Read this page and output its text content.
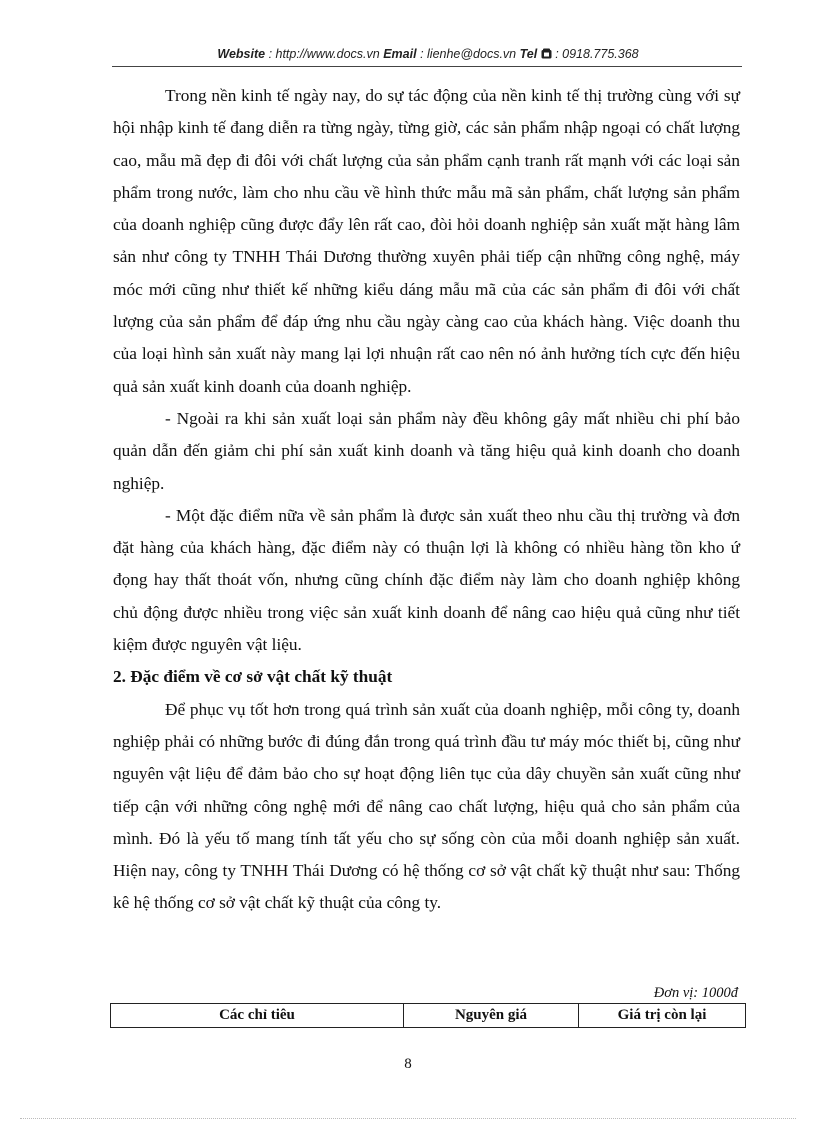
Website : http://www.docs.vn Email : lienhe@docs.vn Tel : 0918.775.368

Trong nền kinh tế ngày nay, do sự tác động của nền kinh tế thị trường cùng với sự hội nhập kinh tế đang diễn ra từng ngày, từng giờ, các sản phẩm nhập ngoại có chất lượng cao, mẫu mã đẹp đi đôi với chất lượng của sản phẩm cạnh tranh rất mạnh với các loại sản phẩm trong nước, làm cho nhu cầu về hình thức mẫu mã sản phẩm, chất lượng sản phẩm của doanh nghiệp cũng được đẩy lên rất cao, đòi hỏi doanh nghiệp sản xuất mặt hàng lâm sản như công ty TNHH Thái Dương thường xuyên phải tiếp cận những công nghệ, máy móc mới cũng như thiết kế những kiểu dáng mẫu mã của các sản phẩm đi đôi với chất lượng của sản phẩm để đáp ứng nhu cầu ngày càng cao của khách hàng. Việc doanh thu của loại hình sản xuất này mang lại lợi nhuận rất cao nên nó ảnh hưởng tích cực đến hiệu quả sản xuất kinh doanh của doanh nghiệp.

- Ngoài ra khi sản xuất loại sản phẩm này đều không gây mất nhiều chi phí bảo quản dẫn đến giảm chi phí sản xuất kinh doanh và tăng hiệu quả kinh doanh cho doanh nghiệp.

- Một đặc điểm nữa về sản phẩm là được sản xuất theo nhu cầu thị trường và đơn đặt hàng của khách hàng, đặc điểm này có thuận lợi là không có nhiều hàng tồn kho ứ đọng hay thất thoát vốn, nhưng cũng chính đặc điểm này làm cho doanh nghiệp không chủ động được nhiều trong việc sản xuất kinh doanh để nâng cao hiệu quả cũng như tiết kiệm được nguyên vật liệu.

2. Đặc điểm về cơ sở vật chất kỹ thuật

Để phục vụ tốt hơn trong quá trình sản xuất của doanh nghiệp, mỗi công ty, doanh nghiệp phải có những bước đi đúng đắn trong quá trình đầu tư máy móc thiết bị, cũng như nguyên vật liệu để đảm bảo cho sự hoạt động liên tục của dây chuyền sản xuất cũng như tiếp cận với những công nghệ mới để nâng cao chất lượng, hiệu quả cho sản phẩm của mình. Đó là yếu tố mang tính tất yếu cho sự sống còn của mỗi doanh nghiệp sản xuất. Hiện nay, công ty TNHH Thái Dương có hệ thống cơ sở vật chất kỹ thuật như sau: Thống kê hệ thống cơ sở vật chất kỹ thuật của công ty.

Đơn vị: 1000đ
Các chỉ tiêu	Nguyên giá	Giá trị còn lại
8
